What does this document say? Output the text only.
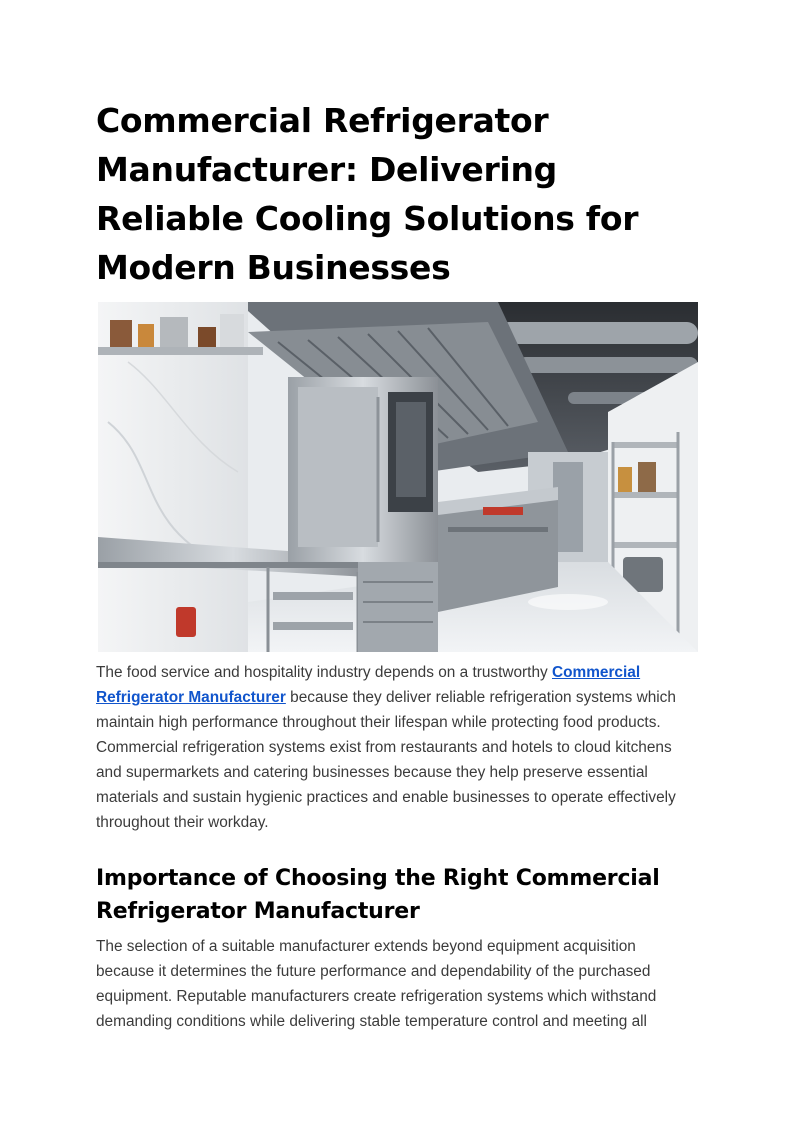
Commercial Refrigerator Manufacturer: Delivering Reliable Cooling Solutions for Modern Businesses

The food service and hospitality industry depends on a trustworthy Commercial Refrigerator Manufacturer because they deliver reliable refrigeration systems which maintain high performance throughout their lifespan while protecting food products. Commercial refrigeration systems exist from restaurants and hotels to cloud kitchens and supermarkets and catering businesses because they help preserve essential materials and sustain hygienic practices and enable businesses to operate effectively throughout their workday.

Importance of Choosing the Right Commercial Refrigerator Manufacturer

The selection of a suitable manufacturer extends beyond equipment acquisition because it determines the future performance and dependability of the purchased equipment. Reputable manufacturers create refrigeration systems which withstand demanding conditions while delivering stable temperature control and meeting all
